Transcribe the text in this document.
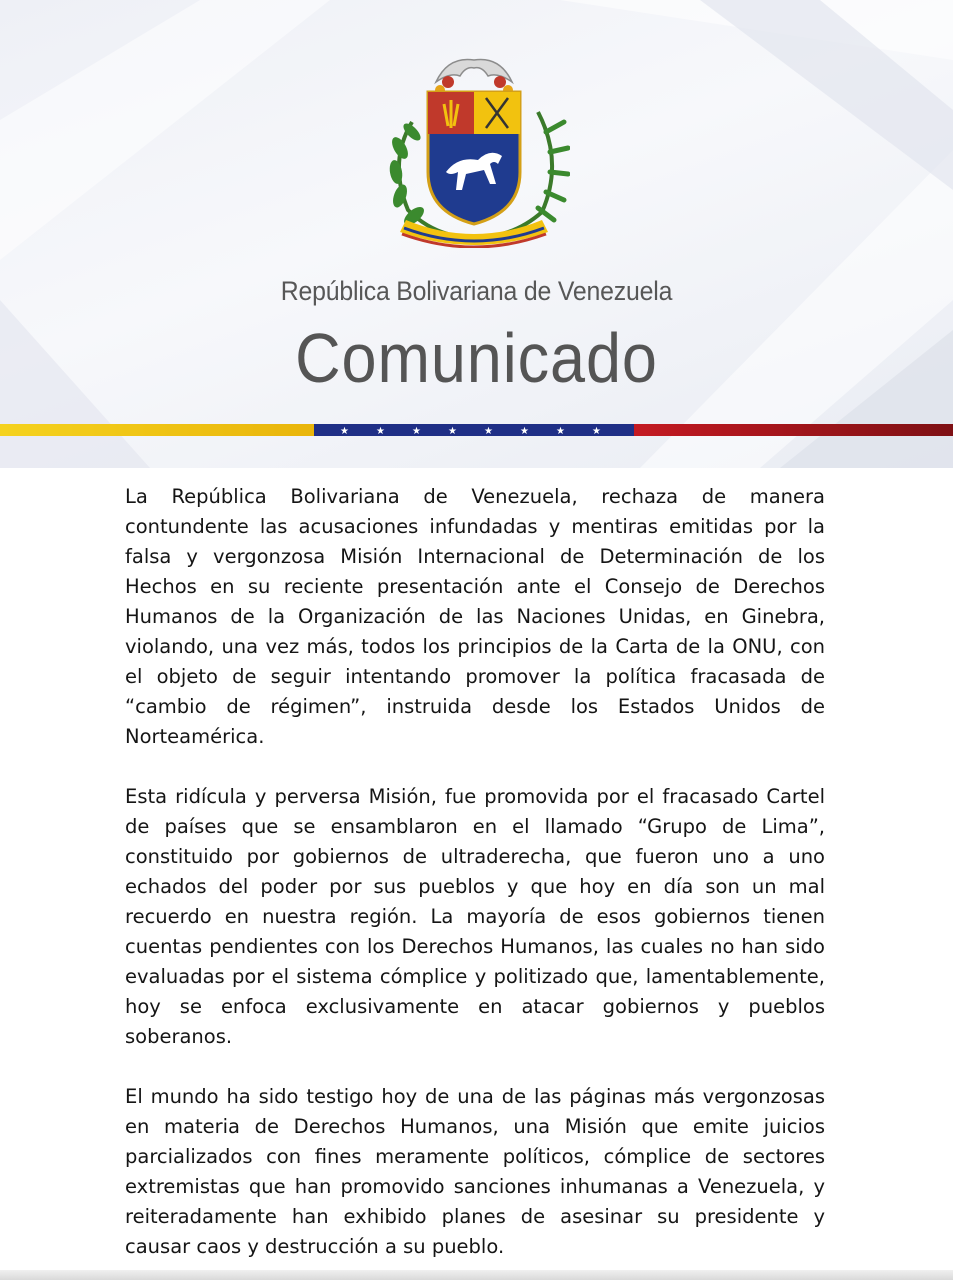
República Bolivariana de Venezuela
Comunicado
★	★	★	★	★	★	★	★

La República Bolivariana de Venezuela, rechaza de manera contundente las acusaciones infundadas y mentiras emitidas por la falsa y vergonzosa Misión Internacional de Determinación de los Hechos en su reciente presentación ante el Consejo de Derechos Humanos de la Organización de las Naciones Unidas, en Ginebra, violando, una vez más, todos los principios de la Carta de la ONU, con el objeto de seguir intentando promover la política fracasada de “cambio de régimen”, instruida desde los Estados Unidos de Norteamérica.

Esta ridícula y perversa Misión, fue promovida por el fracasado Cartel de países que se ensamblaron en el llamado “Grupo de Lima”, constituido por gobiernos de ultraderecha, que fueron uno a uno echados del poder por sus pueblos y que hoy en día son un mal recuerdo en nuestra región. La mayoría de esos gobiernos tienen cuentas pendientes con los Derechos Humanos, las cuales no han sido evaluadas por el sistema cómplice y politizado que, lamentablemente, hoy se enfoca exclusivamente en atacar gobiernos y pueblos soberanos.

El mundo ha sido testigo hoy de una de las páginas más vergonzosas en materia de Derechos Humanos, una Misión que emite juicios parcializados con fines meramente políticos, cómplice de sectores extremistas que han promovido sanciones inhumanas a Venezuela, y reiteradamente han exhibido planes de asesinar su presidente y causar caos y destrucción a su pueblo.
